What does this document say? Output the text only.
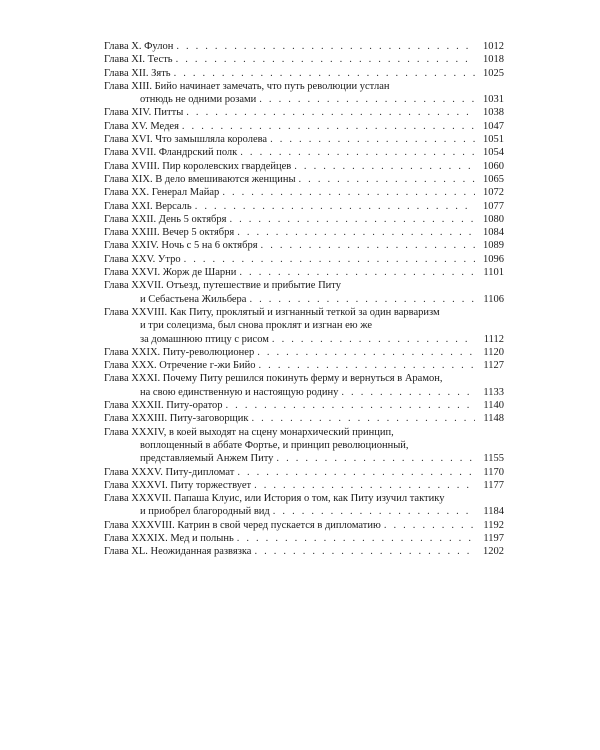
Глава X. Фулон . . .	1012
Глава XI. Тесть . . .	1018
Глава XII. Зять . . .	1025
Глава XIII. Бийо начинает замечать, что путь революции устлан
отнюдь не одними розами . . .	1031
Глава XIV. Питты . . .	1038
Глава XV. Медея . . .	1047
Глава XVI. Что замышляла королева . . .	1051
Глава XVII. Фландрский полк . . .	1054
Глава XVIII. Пир королевских гвардейцев . . .	1060
Глава XIX. В дело вмешиваются женщины . . .	1065
Глава XX. Генерал Майар . . .	1072
Глава XXI. Версаль . . .	1077
Глава XXII. День 5 октября . . .	1080
Глава XXIII. Вечер 5 октября . . .	1084
Глава XXIV. Ночь с 5 на 6 октября . . .	1089
Глава XXV. Утро . . .	1096
Глава XXVI. Жорж де Шарни . . .	1101
Глава XXVII. Отъезд, путешествие и прибытие Питу
и Себастьена Жильбера . . .	1106
Глава XXVIII. Как Питу, проклятый и изгнанный теткой за один варваризм
и три солецизма, был снова проклят и изгнан ею же
за домашнюю птицу с рисом . . .	1112
Глава XXIX. Питу-революционер . . .	1120
Глава XXX. Отречение г-жи Бийо . . .	1127
Глава XXXI. Почему Питу решился покинуть ферму и вернуться в Арамон,
на свою единственную и настоящую родину . . .	1133
Глава XXXII. Питу-оратор . . .	1140
Глава XXXIII. Питу-заговорщик . . .	1148
Глава XXXIV, в коей выходят на сцену монархический принцип,
воплощенный в аббате Фортье, и принцип революционный,
представляемый Анжем Питу . . .	1155
Глава XXXV. Питу-дипломат . . .	1170
Глава XXXVI. Питу торжествует . . .	1177
Глава XXXVII. Папаша Клуис, или История о том, как Питу изучил тактику
и приобрел благородный вид . . .	1184
Глава XXXVIII. Катрин в свой черед пускается в дипломатию . . .	1192
Глава XXXIX. Мед и полынь . . .	1197
Глава XL. Неожиданная развязка . . .	1202
